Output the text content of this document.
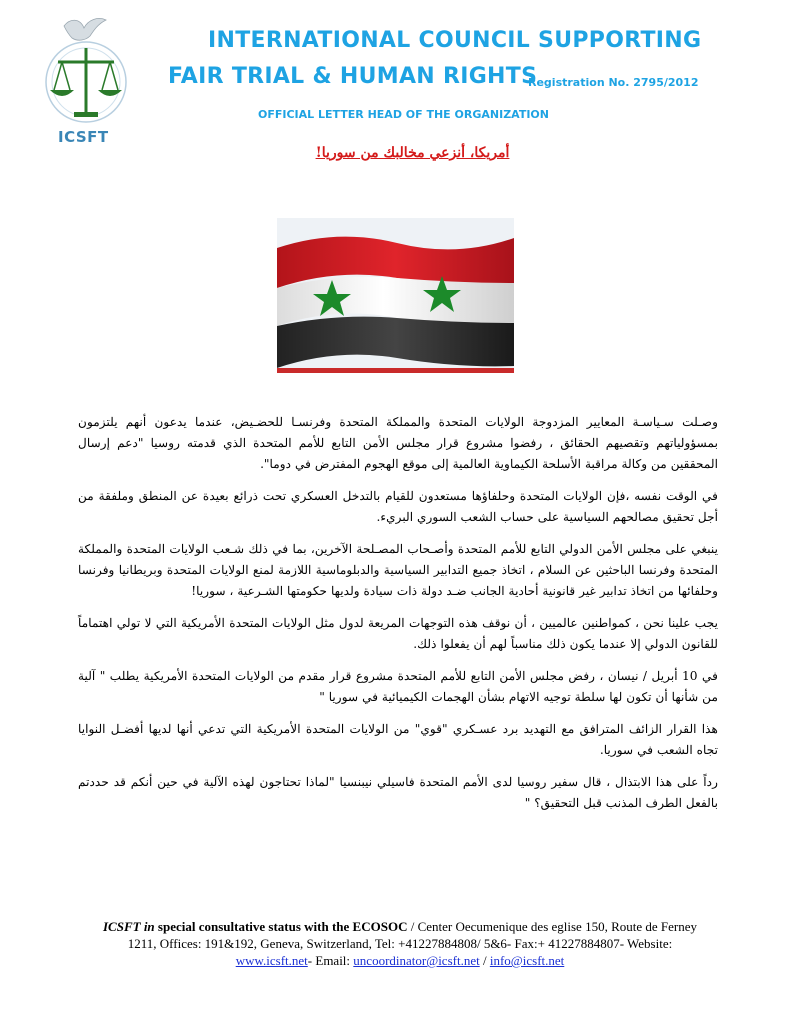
ICSFT
INTERNATIONAL COUNCIL SUPPORTING
FAIR TRIAL & HUMAN RIGHTS
Registration No. 2795/2012
OFFICIAL LETTER HEAD OF THE ORGANIZATION
أمريكا، أنزعي مخالبك من سوريا!

وصـلت سـياسـة المعايير المزدوجة الولايات المتحدة والمملكة المتحدة وفرنسـا للحضـيض، عندما يدعون أنهم يلتزمون بمسؤولياتهم وتقصيهم الحقائق ، رفضوا مشروع قرار مجلس الأمن التابع للأمم المتحدة الذي قدمته روسيا "دعم إرسال المحققين من وكالة مراقبة الأسلحة الكيماوية العالمية إلى موقع الهجوم المفترض في دوما".

في الوقت نفسه ،فإن الولايات المتحدة وحلفاؤها مستعدون للقيام بالتدخل العسكري تحت ذرائع بعيدة عن المنطق وملفقة من أجل تحقيق مصالحهم السياسية على حساب الشعب السوري البريء.

ينبغي على مجلس الأمن الدولي التابع للأمم المتحدة وأصـحاب المصـلحة الآخرين، بما في ذلك شـعب الولايات المتحدة والمملكة المتحدة وفرنسا الباحثين عن السلام ، اتخاذ جميع التدابير السياسية والدبلوماسية اللازمة لمنع الولايات المتحدة وبريطانيا وفرنسا وحلفائها من اتخاذ تدابير غير قانونية أحادية الجانب ضـد دولة ذات سيادة ولديها حكومتها الشـرعية ، سوريا!

يجب علينا نحن ، كمواطنين عالميين ، أن نوقف هذه التوجهات المريعة لدول مثل الولايات المتحدة الأمريكية التي لا تولي اهتماماً للقانون الدولي إلا عندما يكون ذلك مناسباً لهم أن يفعلوا ذلك.

في 10 أبريل / نيسان ، رفض مجلس الأمن التابع للأمم المتحدة مشروع قرار مقدم من الولايات المتحدة الأمريكية يطلب " آلية من شأنها أن تكون لها سلطة توجيه الاتهام بشأن الهجمات الكيميائية في سوريا "

هذا القرار الزائف المترافق مع التهديد برد عسـكري "قوي" من الولايات المتحدة الأمريكية التي تدعي أنها لديها أفضـل النوايا تجاه الشعب في سوريا.

رداً على هذا الابتذال ، قال سفير روسيا لدى الأمم المتحدة فاسيلي نيبنسيا "لماذا تحتاجون لهذه الآلية في حين أنكم قد حددتم بالفعل الطرف المذنب قبل التحقيق؟ "

ICSFT in special consultative status with the ECOSOC / Center Oecumenique des eglise 150, Route de Ferney
1211, Offices: 191&192, Geneva, Switzerland, Tel: +41227884808/ 5&6- Fax:+ 41227884807- Website:
www.icsft.net- Email: uncoordinator@icsft.net / info@icsft.net
